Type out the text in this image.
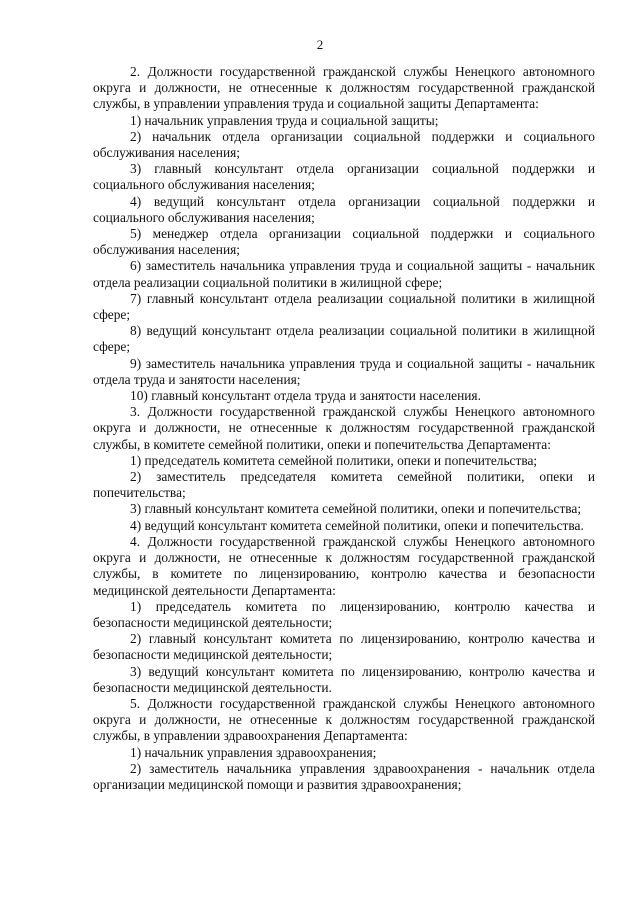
2

2. Должности государственной гражданской службы Ненецкого автономного округа и должности, не отнесенные к должностям государственной гражданской службы, в управлении управления труда и социальной защиты Департамента:

1) начальник управления труда и социальной защиты;

2) начальник отдела организации социальной поддержки и социального обслуживания населения;

3) главный консультант отдела организации социальной поддержки и социального обслуживания населения;

4) ведущий консультант отдела организации социальной поддержки и социального обслуживания населения;

5) менеджер отдела организации социальной поддержки и социального обслуживания населения;

6) заместитель начальника управления труда и социальной защиты - начальник отдела реализации социальной политики в жилищной сфере;

7) главный консультант отдела реализации социальной политики в жилищной сфере;

8) ведущий консультант отдела реализации социальной политики в жилищной сфере;

9) заместитель начальника управления труда и социальной защиты - начальник отдела труда и занятости населения;

10) главный консультант отдела труда и занятости населения.

3. Должности государственной гражданской службы Ненецкого автономного округа и должности, не отнесенные к должностям государственной гражданской службы, в комитете семейной политики, опеки и попечительства Департамента:

1) председатель комитета семейной политики, опеки и попечительства;

2) заместитель председателя комитета семейной политики, опеки и попечительства;

3) главный консультант комитета семейной политики, опеки и попечительства;

4) ведущий консультант комитета семейной политики, опеки и попечительства.

4. Должности государственной гражданской службы Ненецкого автономного округа и должности, не отнесенные к должностям государственной гражданской службы, в комитете по лицензированию, контролю качества и безопасности медицинской деятельности Департамента:

1) председатель комитета по лицензированию, контролю качества и безопасности медицинской деятельности;

2) главный консультант комитета по лицензированию, контролю качества и безопасности медицинской деятельности;

3) ведущий консультант комитета по лицензированию, контролю качества и безопасности медицинской деятельности.

5. Должности государственной гражданской службы Ненецкого автономного округа и должности, не отнесенные к должностям государственной гражданской службы, в управлении здравоохранения Департамента:

1) начальник управления здравоохранения;

2) заместитель начальника управления здравоохранения - начальник отдела организации медицинской помощи и развития здравоохранения;
